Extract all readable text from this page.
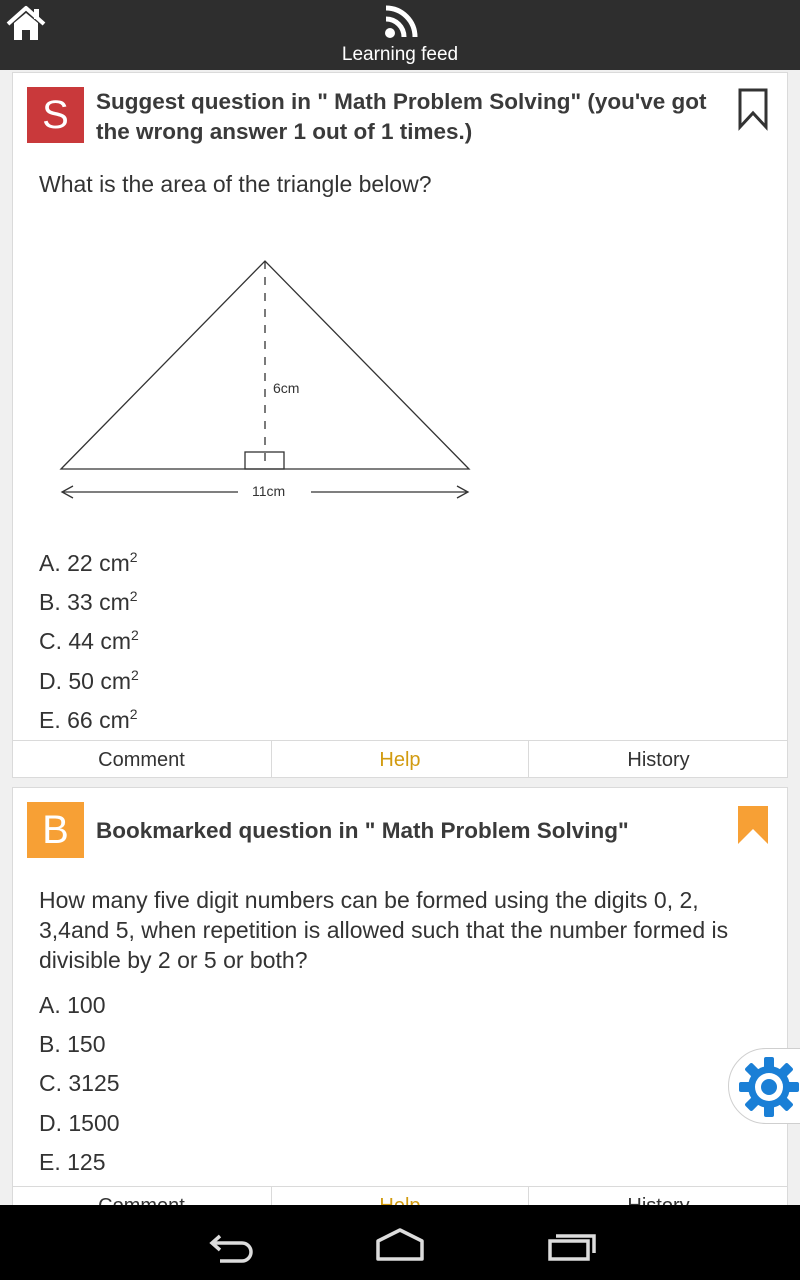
Learning feed
S	Suggest question in " Math Problem Solving" (you've got the wrong answer 1 out of 1 times.)
What is the area of the triangle below?
6cm
11cm
A. 22 $cm^2$
B. 33 $cm^2$
C. 44 $cm^2$
D. 50 $cm^2$
E. 66 $cm^2$
Comment	Help	History
B	Bookmarked question in " Math Problem Solving"
How many five digit numbers can be formed using the digits 0, 2, 3,4and 5, when repetition is allowed such that the number formed is divisible by 2 or 5 or both?
A. 100
B. 150
C. 3125
D. 1500
E. 125
